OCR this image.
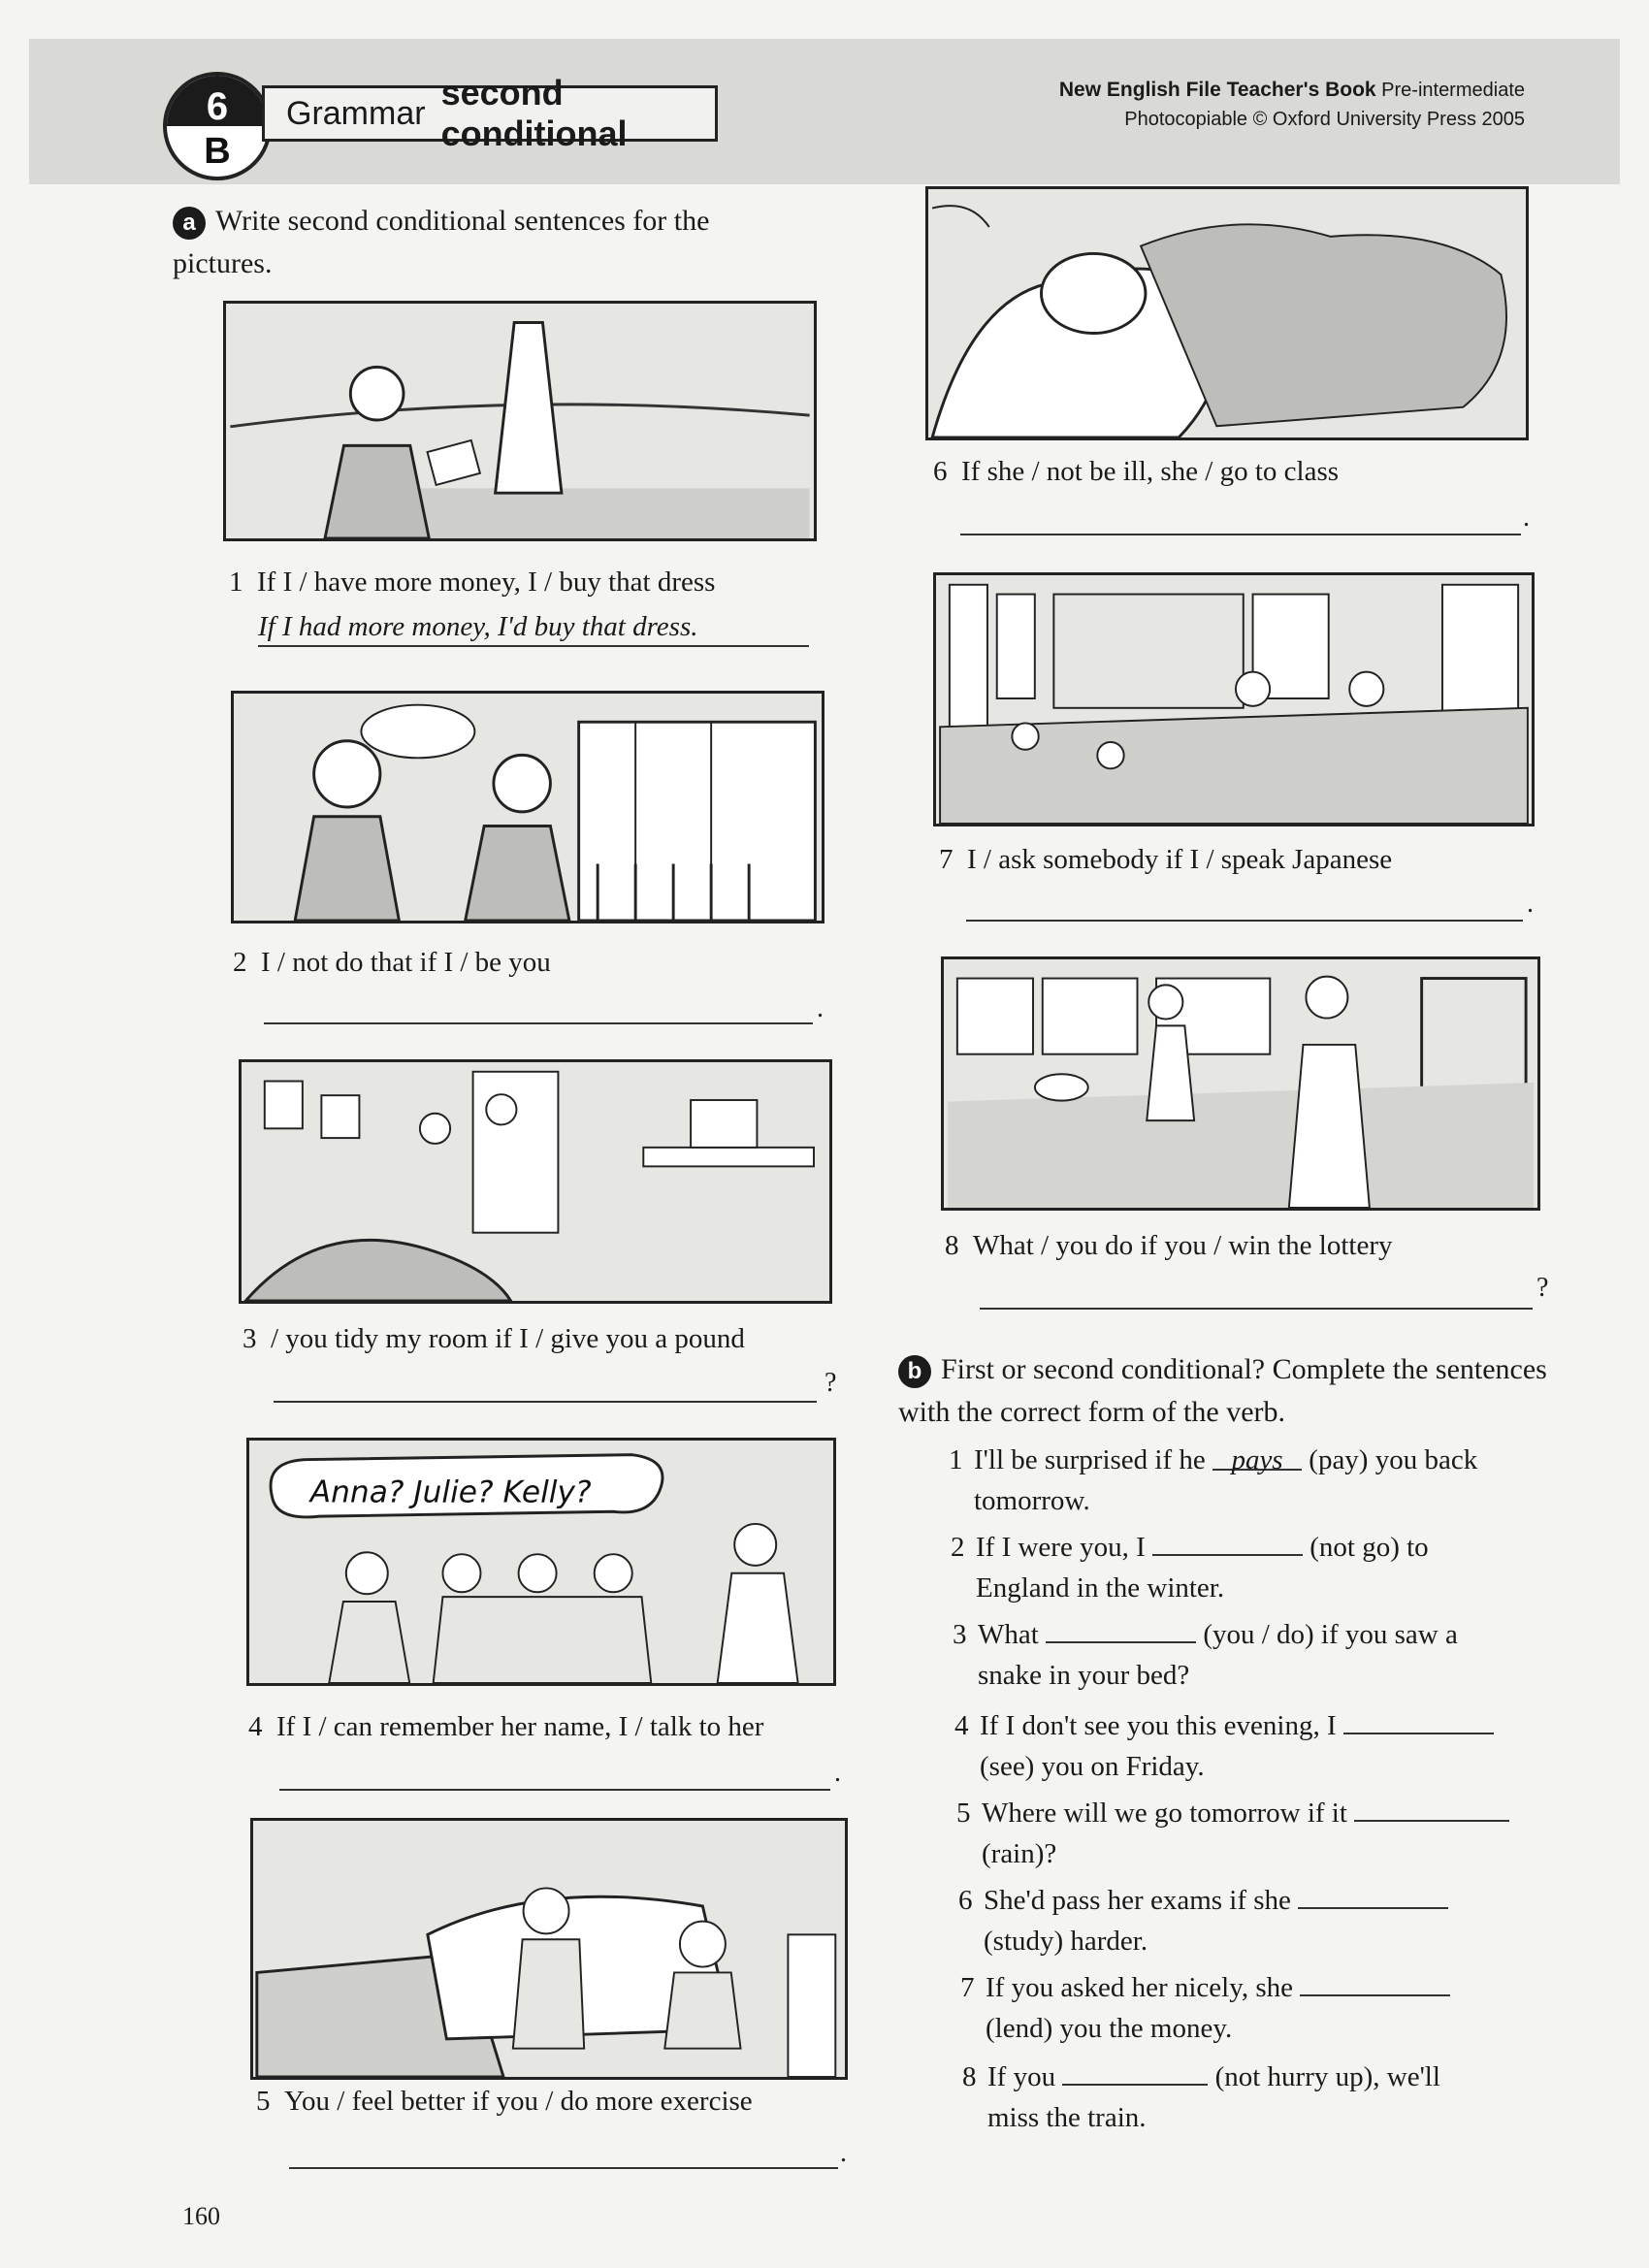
6
B
Grammar
second conditional
New English File Teacher's Book Pre-intermediate
Photocopiable © Oxford University Press 2005
a Write second conditional sentences for the pictures.
1 If I / have more money, I / buy that dress
If I had more money, I'd buy that dress.
2 I / not do that if I / be you
.
3 / you tidy my room if I / give you a pound
?
Anna? Julie? Kelly?
4 If I / can remember her name, I / talk to her
.
5 You / feel better if you / do more exercise
.
6 If she / not be ill, she / go to class
.
7 I / ask somebody if I / speak Japanese
.
8 What / you do if you / win the lottery
?
b First or second conditional? Complete the sentences with the correct form of the verb.
1 I'll be surprised if he pays (pay) you back
tomorrow.
2 If I were you, I	(not go) to
England in the winter.
3 What	(you / do) if you saw a
snake in your bed?
4 If I don't see you this evening, I
(see) you on Friday.
5 Where will we go tomorrow if it
(rain)?
6 She'd pass her exams if she
(study) harder.
7 If you asked her nicely, she
(lend) you the money.
8 If you	(not hurry up), we'll
miss the train.
160
